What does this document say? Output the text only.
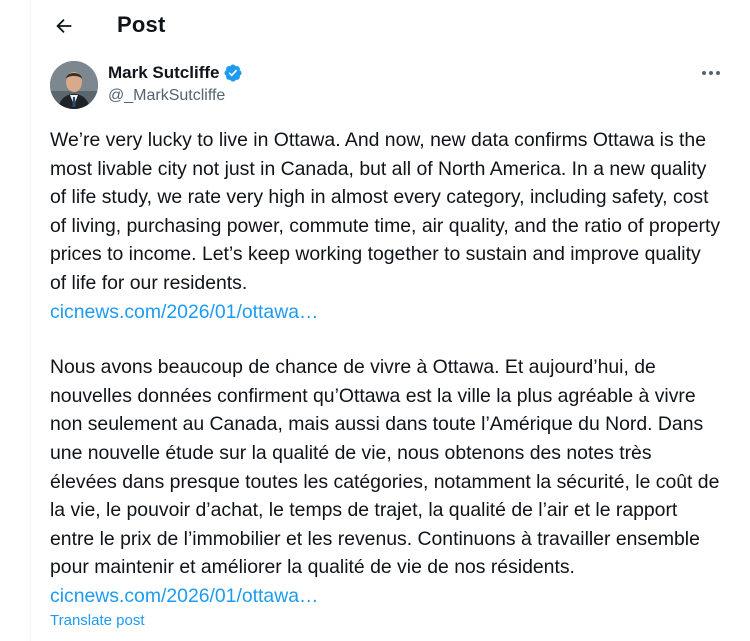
Post
Mark Sutcliffe
@_MarkSutcliffe

We’re very lucky to live in Ottawa. And now, new data confirms Ottawa is the most livable city not just in Canada, but all of North America. In a new quality of life study, we rate very high in almost every category, including safety, cost of living, purchasing power, commute time, air quality, and the ratio of property prices to income. Let’s keep working together to sustain and improve quality of life for our residents.
cicnews.com/2026/01/ottawa…

Nous avons beaucoup de chance de vivre à Ottawa. Et aujourd’hui, de nouvelles données confirment qu’Ottawa est la ville la plus agréable à vivre non seulement au Canada, mais aussi dans toute l’Amérique du Nord. Dans une nouvelle étude sur la qualité de vie, nous obtenons des notes très élevées dans presque toutes les catégories, notamment la sécurité, le coût de la vie, le pouvoir d’achat, le temps de trajet, la qualité de l’air et le rapport entre le prix de l’immobilier et les revenus. Continuons à travailler ensemble pour maintenir et améliorer la qualité de vie de nos résidents. cicnews.com/2026/01/ottawa…

Translate post
